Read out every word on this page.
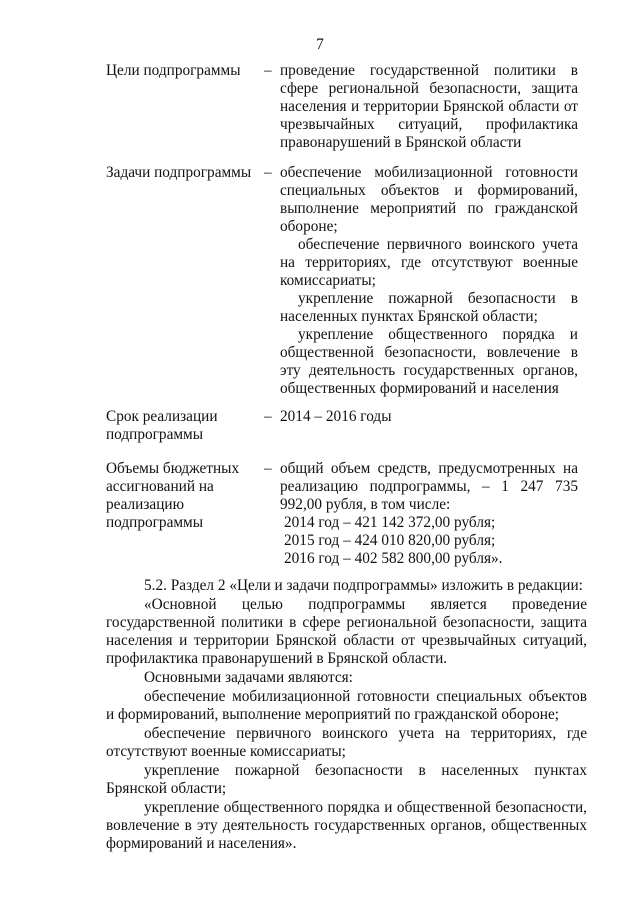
7
Цели подпрограммы	– проведение государственной политики в сфере региональной безопасности, защита населения и территории Брянской области от чрезвычайных ситуаций, профилактика правонарушений в Брянской области

Задачи подпрограммы – обеспечение мобилизационной готовности специальных объектов и формирований, выполнение мероприятий по гражданской обороне;

обеспечение первичного воинского учета на территориях, где отсутствуют военные комиссариаты;

укрепление пожарной безопасности в населенных пунктах Брянской области;

укрепление общественного порядка и общественной безопасности, вовлечение в эту деятельность государственных органов, общественных формирований и населения

Срок реализации подпрограммы
– 2014 – 2016 годы

Объемы бюджетных ассигнований на реализацию подпрограммы
– общий объем средств, предусмотренных на реализацию подпрограммы, – 1 247 735 992,00 рубля, в том числе:

2014 год – 421 142 372,00 рубля;

2015 год – 424 010 820,00 рубля;

2016 год – 402 582 800,00 рубля».

5.2. Раздел 2 «Цели и задачи подпрограммы» изложить в редакции:

«Основной целью подпрограммы является проведение государственной политики в сфере региональной безопасности, защита населения и территории Брянской области от чрезвычайных ситуаций, профилактика правонарушений в Брянской области.

Основными задачами являются:

обеспечение мобилизационной готовности специальных объектов и формирований, выполнение мероприятий по гражданской обороне;

обеспечение первичного воинского учета на территориях, где отсутствуют военные комиссариаты;

укрепление пожарной безопасности в населенных пунктах Брянской области;

укрепление общественного порядка и общественной безопасности, вовлечение в эту деятельность государственных органов, общественных формирований и населения».
